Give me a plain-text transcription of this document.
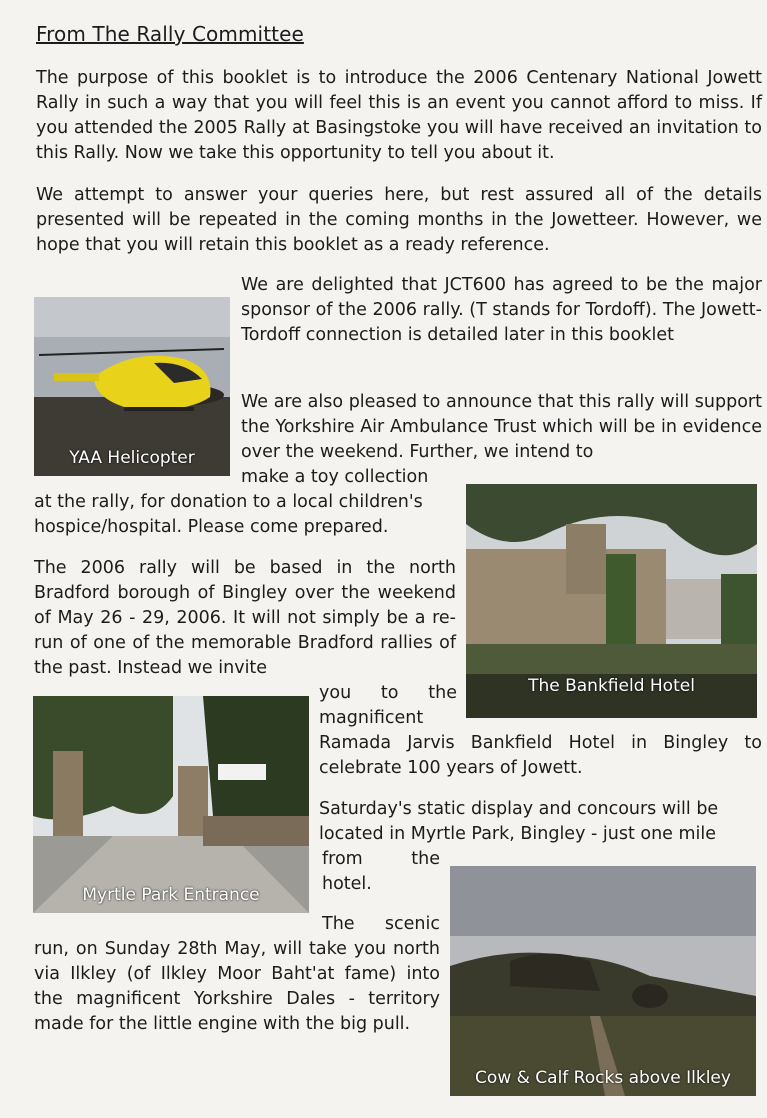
From The Rally Committee

The purpose of this booklet is to introduce the 2006 Centenary National Jowett Rally in such a way that you will feel this is an event you cannot afford to miss. If you attended the 2005 Rally at Basingstoke you will have received an invitation to this Rally. Now we take this opportunity to tell you about it.

We attempt to answer your queries here, but rest assured all of the details presented will be repeated in the coming months in the Jowetteer. However, we hope that you will retain this booklet as a ready reference.

YAA Helicopter

We are delighted that JCT600 has agreed to be the major sponsor of the 2006 rally. (T stands for Tordoff). The Jowett-Tordoff connection is detailed later in this booklet

We are also pleased to announce that this rally will support the Yorkshire Air Ambulance Trust which will be in evidence over the weekend. Further, we intend to

make a toy collection

at the rally, for donation to a local children's hospice/hospital. Please come prepared.

The Bankfield Hotel

The 2006 rally will be based in the north Bradford borough of Bingley over the weekend of May 26 - 29, 2006. It will not simply be a re-run of one of the memorable Bradford rallies of the past. Instead we invite

you to the magnificent

Ramada Jarvis Bankfield Hotel in Bingley to celebrate 100 years of Jowett.

Myrtle Park Entrance

Saturday's static display and concours will be located in Myrtle Park, Bingley - just one mile

from the hotel.

Cow & Calf Rocks above Ilkley

The scenic

run, on Sunday 28th May, will take you north via Ilkley (of Ilkley Moor Baht'at fame) into the magnificent Yorkshire Dales - territory made for the little engine with the big pull.
